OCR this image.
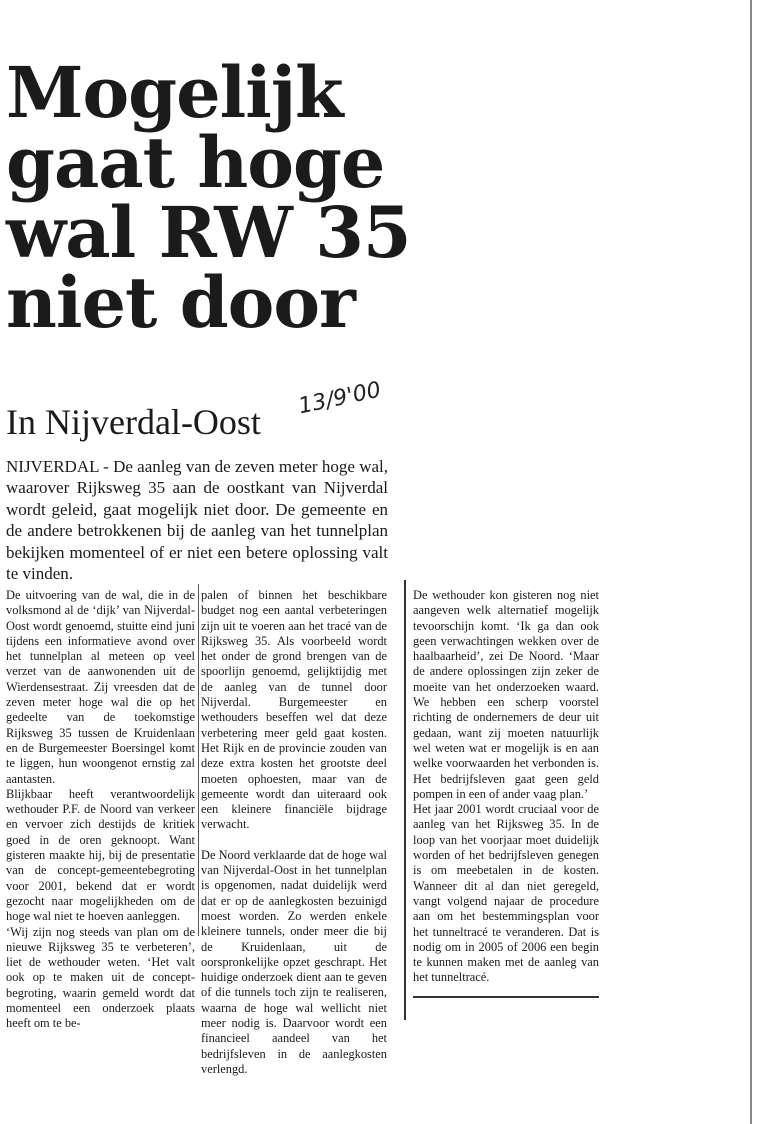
Mogelijk
gaat hoge
wal RW 35
niet door
13/9'00
In Nijverdal-Oost

NIJVERDAL - De aanleg van de zeven meter hoge wal, waarover Rijksweg 35 aan de oostkant van Nijverdal wordt geleid, gaat mogelijk niet door. De gemeente en de andere betrokkenen bij de aanleg van het tunnelplan bekijken momenteel of er niet een betere oplossing valt te vinden.

De uitvoering van de wal, die in de volksmond al de ‘dijk’ van Nijverdal-Oost wordt genoemd, stuitte eind juni tijdens een informatieve avond over het tunnelplan al meteen op veel verzet van de aanwonenden uit de Wierdensestraat. Zij vreesden dat de zeven meter hoge wal die op het gedeelte van de toekomstige Rijksweg 35 tussen de Kruidenlaan en de Burgemeester Boersingel komt te liggen, hun woongenot ernstig zal aantasten.

Blijkbaar heeft verantwoordelijk wethouder P.F. de Noord van verkeer en vervoer zich destijds de kritiek goed in de oren geknoopt. Want gisteren maakte hij, bij de presentatie van de concept-gemeentebegroting voor 2001, bekend dat er wordt gezocht naar mogelijkheden om de hoge wal niet te hoeven aanleggen.

‘Wij zijn nog steeds van plan om de nieuwe Rijksweg 35 te verbeteren’, liet de wethouder weten. ‘Het valt ook op te maken uit de concept-begroting, waarin gemeld wordt dat momenteel een onderzoek plaats heeft om te be-

palen of binnen het beschikbare budget nog een aantal verbeteringen zijn uit te voeren aan het tracé van de Rijksweg 35. Als voorbeeld wordt het onder de grond brengen van de spoorlijn genoemd, gelijktijdig met de aanleg van de tunnel door Nijverdal. Burgemeester en wethouders beseffen wel dat deze verbetering meer geld gaat kosten. Het Rijk en de provincie zouden van deze extra kosten het grootste deel moeten ophoesten, maar van de gemeente wordt dan uiteraard ook een kleinere financiële bijdrage verwacht.

De Noord verklaarde dat de hoge wal van Nijverdal-Oost in het tunnelplan is opgenomen, nadat duidelijk werd dat er op de aanlegkosten bezuinigd moest worden. Zo werden enkele kleinere tunnels, onder meer die bij de Kruidenlaan, uit de oorspronkelijke opzet geschrapt. Het huidige onderzoek dient aan te geven of die tunnels toch zijn te realiseren, waarna de hoge wal wellicht niet meer nodig is. Daarvoor wordt een financieel aandeel van het bedrijfsleven in de aanlegkosten verlengd.

De wethouder kon gisteren nog niet aangeven welk alternatief mogelijk tevoorschijn komt. ‘Ik ga dan ook geen verwachtingen wekken over de haalbaarheid’, zei De Noord. ‘Maar de andere oplossingen zijn zeker de moeite van het onderzoeken waard. We hebben een scherp voorstel richting de ondernemers de deur uit gedaan, want zij moeten natuurlijk wel weten wat er mogelijk is en aan welke voorwaarden het verbonden is. Het bedrijfsleven gaat geen geld pompen in een of ander vaag plan.’

Het jaar 2001 wordt cruciaal voor de aanleg van het Rijksweg 35. In de loop van het voorjaar moet duidelijk worden of het bedrijfsleven genegen is om meebetalen in de kosten. Wanneer dit al dan niet geregeld, vangt volgend najaar de procedure aan om het bestemmingsplan voor het tunneltracé te veranderen. Dat is nodig om in 2005 of 2006 een begin te kunnen maken met de aanleg van het tunneltracé.
